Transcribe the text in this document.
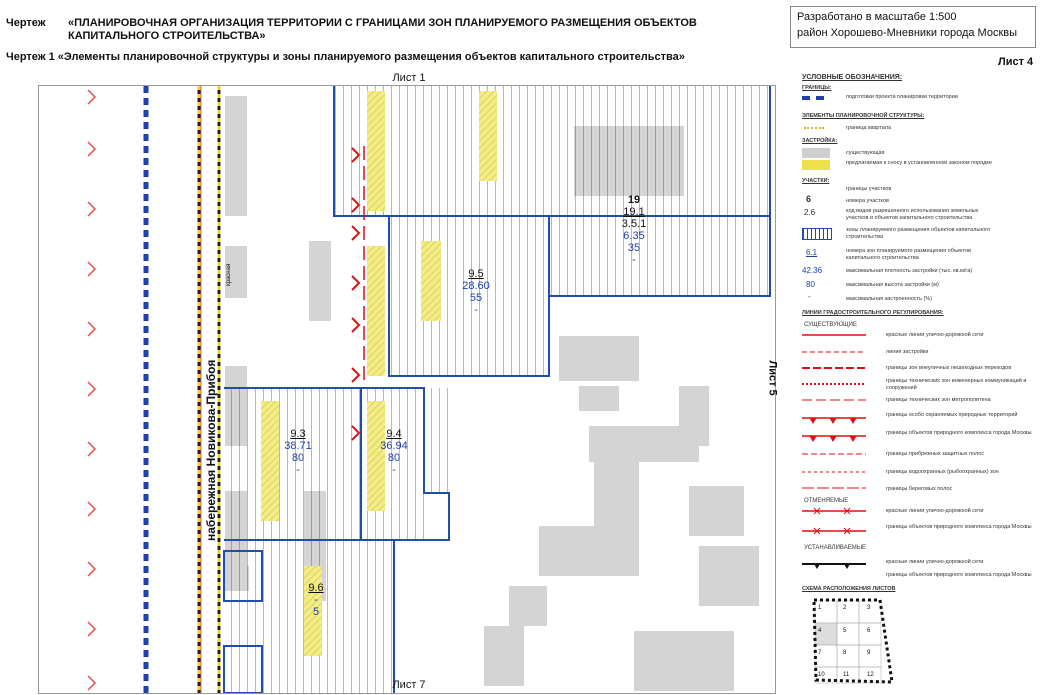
Чертеж «ПЛАНИРОВОЧНАЯ ОРГАНИЗАЦИЯ ТЕРРИТОРИИ С ГРАНИЦАМИ ЗОН ПЛАНИРУЕМОГО РАЗМЕЩЕНИЯ ОБЪЕКТОВ КАПИТАЛЬНОГО СТРОИТЕЛЬСТВА»
Чертеж 1 «Элементы планировочной структуры и зоны планируемого размещения объектов капитального строительства»
Разработано в масштабе 1:500
район Хорошево-Мневники города Москвы
Лист 4
Лист 1
Лист 7
Лист 5
набережная Новикова-Прибоя
красная
19
19.1
3.5.1
6.35
35
-
9.5
28.60
55
-
9.3
38.71
80
-
9.4
36.94
80
-
9.6
-
5
УСЛОВНЫЕ ОБОЗНАЧЕНИЯ:
ГРАНИЦЫ:
подготовки проекта планировки территории
ЭЛЕМЕНТЫ ПЛАНИРОВОЧНОЙ СТРУКТУРЫ:
граница квартала
ЗАСТРОЙКА:
существующая
предлагаемая к сносу в установленном законом порядке
УЧАСТКИ:
границы участков
6	номера участков
2.6	код видов разрешенного использования земельных участков и объектов капитального строительства
зоны планируемого размещения объектов капитального строительства
6.1	номера зон планируемого размещения объектов капитального строительства
42.36	максимальная плотность застройки (тыс. кв.м/га)
80	максимальная высота застройки (м)
-	максимальная застроенность (%)
ЛИНИИ ГРАДОСТРОИТЕЛЬНОГО РЕГУЛИРОВАНИЯ:
СУЩЕСТВУЮЩИЕ
красные линии улично-дорожной сети
линия застройки
границы зон внеуличных пешеходных переходов
границы технических зон инженерных коммуникаций и сооружений
границы технических зон метрополитена
границы особо охраняемых природных территорий
границы объектов природного комплекса города Москвы
границы прибрежных защитных полос
границы водоохранных (рыбоохранных) зон
границы береговых полос
ОТМЕНЯЕМЫЕ
красные линии улично-дорожной сети
границы объектов природного комплекса города Москвы
УСТАНАВЛИВАЕМЫЕ
красные линии улично-дорожной сети
границы объектов природного комплекса города Москвы
СХЕМА РАСПОЛОЖЕНИЯ ЛИСТОВ
1	2	3
4	5	6
7	8	9
10	11	12
